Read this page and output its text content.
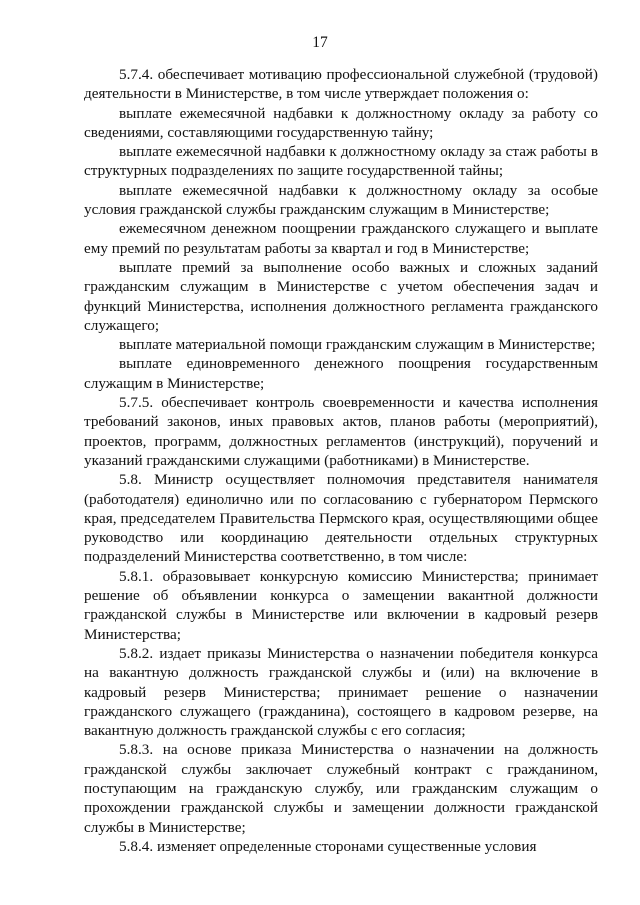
17

5.7.4. обеспечивает мотивацию профессиональной служебной (трудовой) деятельности в Министерстве, в том числе утверждает положения о:

выплате ежемесячной надбавки к должностному окладу за работу со сведениями, составляющими государственную тайну;

выплате ежемесячной надбавки к должностному окладу за стаж работы в структурных подразделениях по защите государственной тайны;

выплате ежемесячной надбавки к должностному окладу за особые условия гражданской службы гражданским служащим в Министерстве;

ежемесячном денежном поощрении гражданского служащего и выплате ему премий по результатам работы за квартал и год в Министерстве;

выплате премий за выполнение особо важных и сложных заданий гражданским служащим в Министерстве с учетом обеспечения задач и функций Министерства, исполнения должностного регламента гражданского служащего;

выплате материальной помощи гражданским служащим в Министерстве;

выплате единовременного денежного поощрения государственным служащим в Министерстве;

5.7.5. обеспечивает контроль своевременности и качества исполнения требований законов, иных правовых актов, планов работы (мероприятий), проектов, программ, должностных регламентов (инструкций), поручений и указаний гражданскими служащими (работниками) в Министерстве.

5.8. Министр осуществляет полномочия представителя нанимателя (работодателя) единолично или по согласованию с губернатором Пермского края, председателем Правительства Пермского края, осуществляющими общее руководство или координацию деятельности отдельных структурных подразделений Министерства соответственно, в том числе:

5.8.1. образовывает конкурсную комиссию Министерства; принимает решение об объявлении конкурса о замещении вакантной должности гражданской службы в Министерстве или включении в кадровый резерв Министерства;

5.8.2. издает приказы Министерства о назначении победителя конкурса на вакантную должность гражданской службы и (или) на включение в кадровый резерв Министерства; принимает решение о назначении гражданского служащего (гражданина), состоящего в кадровом резерве, на вакантную должность гражданской службы с его согласия;

5.8.3. на основе приказа Министерства о назначении на должность гражданской службы заключает служебный контракт с гражданином, поступающим на гражданскую службу, или гражданским служащим о прохождении гражданской службы и замещении должности гражданской службы в Министерстве;

5.8.4. изменяет определенные сторонами существенные условия
